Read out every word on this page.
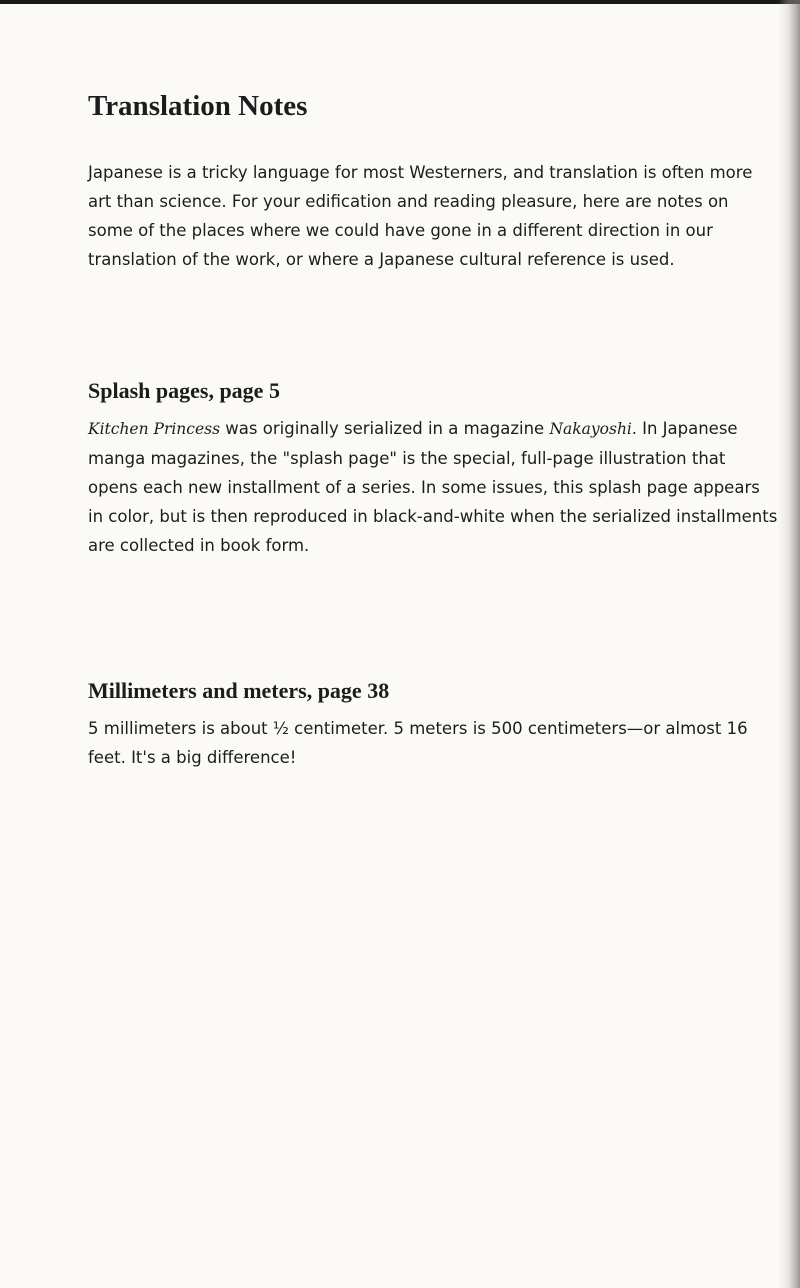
Translation Notes

Japanese is a tricky language for most Westerners, and translation is often more art than science. For your edification and reading pleasure, here are notes on some of the places where we could have gone in a different direction in our translation of the work, or where a Japanese cultural reference is used.

Splash pages, page 5

Kitchen Princess was originally serialized in a magazine Nakayoshi. In Japanese manga magazines, the "splash page" is the special, full-page illustration that opens each new installment of a series. In some issues, this splash page appears in color, but is then reproduced in black-and-white when the serialized installments are collected in book form.

Millimeters and meters, page 38

5 millimeters is about ½ centimeter. 5 meters is 500 centimeters—or almost 16 feet. It's a big difference!
